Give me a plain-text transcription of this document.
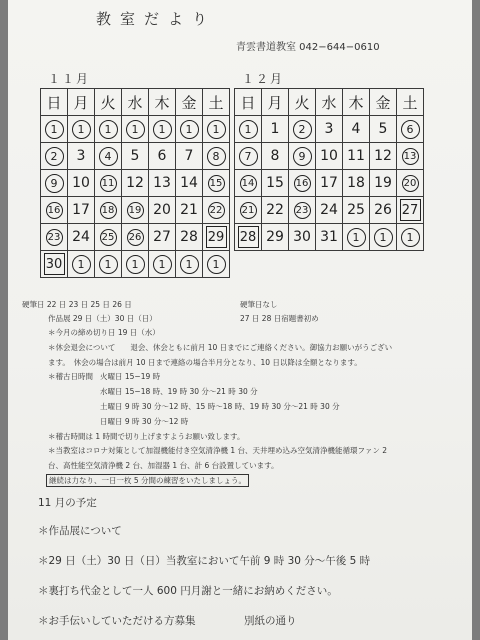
教室だより
青雲書道教室 042−644−0610
１１月	１２月
日	月	火	水	木	金	土
1	1	1	1	1	1	1
2	3	4	5	6	7	8
9	10	11	12	13	14	15
16	17	18	19	20	21	22
23	24	25	26	27	28	29
30	1	1	1	1	1	1
日	月	火	水	木	金	土
1	1	2	3	4	5	6
7	8	9	10	11	12	13
14	15	16	17	18	19	20
21	22	23	24	25	26	27
28	29	30	31	1	1	1
硬筆日 22 日 23 日 25 日 26 日
作品展 29 日（土）30 日（日）
硬筆日なし
27 日 28 日宿題書初め
＊今月の締め切り日 19 日（水）
＊休会退会について　　退会、休会ともに前月 10 日までにご連絡ください。御協力お願いがうござい
ます。　休会の場合は前月 10 日まで連絡の場合半月分となり、10 日以降は全額となります。
＊稽古日時間 火曜日 15−19 時
水曜日 15−18 時、19 時 30 分〜21 時 30 分
土曜日 9 時 30 分〜12 時、15 時〜18 時、19 時 30 分〜21 時 30 分
日曜日 9 時 30 分〜12 時
＊稽古時間は 1 時間で切り上げますようお願い致します。
＊当教室はコロナ対策として加湿機能付き空気清浄機 1 台、天井埋め込み空気清浄機能循環ファン 2
台、高性能空気清浄機 2 台、加湿器 1 台、計 6 台設置しています。
継続は力なり、一日一枚 5 分間の練習をいたしましょう。
11 月の予定
＊作品展について
＊29 日（土）30 日（日）当教室において午前 9 時 30 分〜午後 5 時
＊裏打ち代金として一人 600 円月謝と一緒にお納めください。
＊お手伝いしていただける方募集	別紙の通り
